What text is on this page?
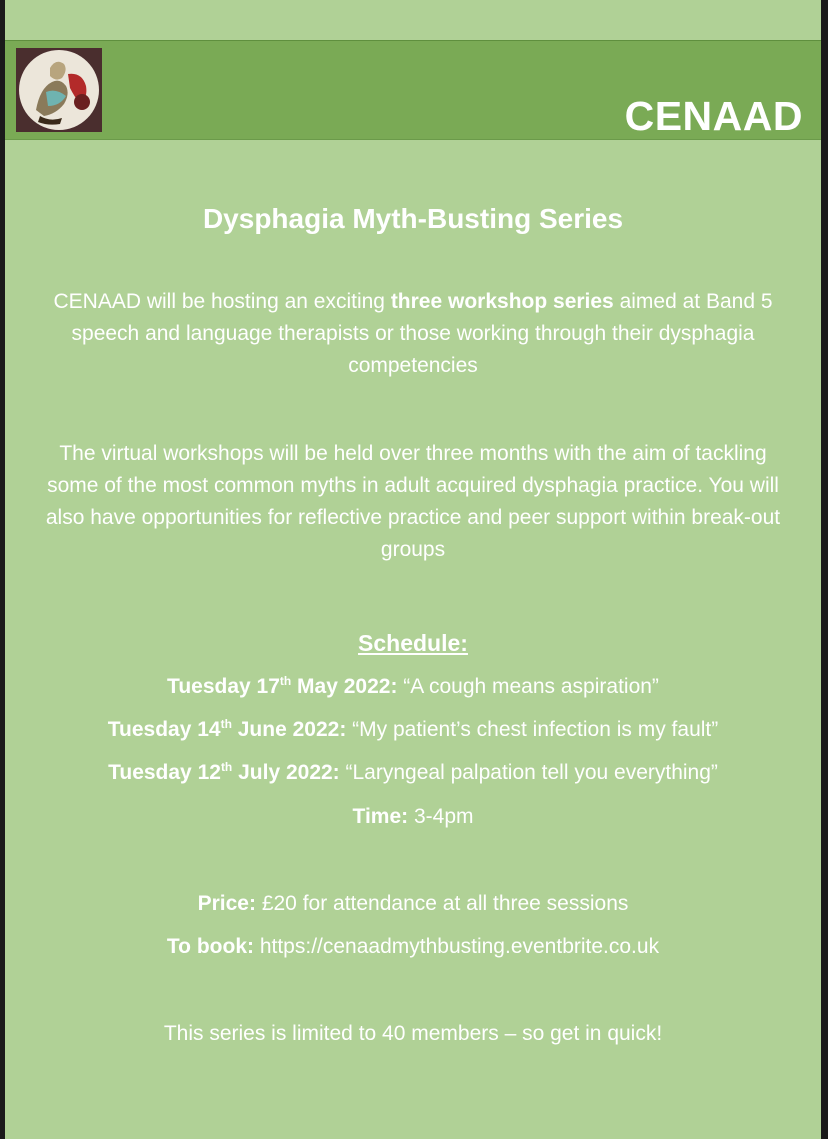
CENAAD
Dysphagia Myth-Busting Series
CENAAD will be hosting an exciting three workshop series aimed at Band 5 speech and language therapists or those working through their dysphagia competencies
The virtual workshops will be held over three months with the aim of tackling some of the most common myths in adult acquired dysphagia practice. You will also have opportunities for reflective practice and peer support within break-out groups
Schedule:
Tuesday 17th May 2022: “A cough means aspiration”
Tuesday 14th June 2022: “My patient’s chest infection is my fault”
Tuesday 12th July 2022: “Laryngeal palpation tell you everything”
Time: 3-4pm
Price: £20 for attendance at all three sessions
To book: https://cenaadmythbusting.eventbrite.co.uk
This series is limited to 40 members – so get in quick!
